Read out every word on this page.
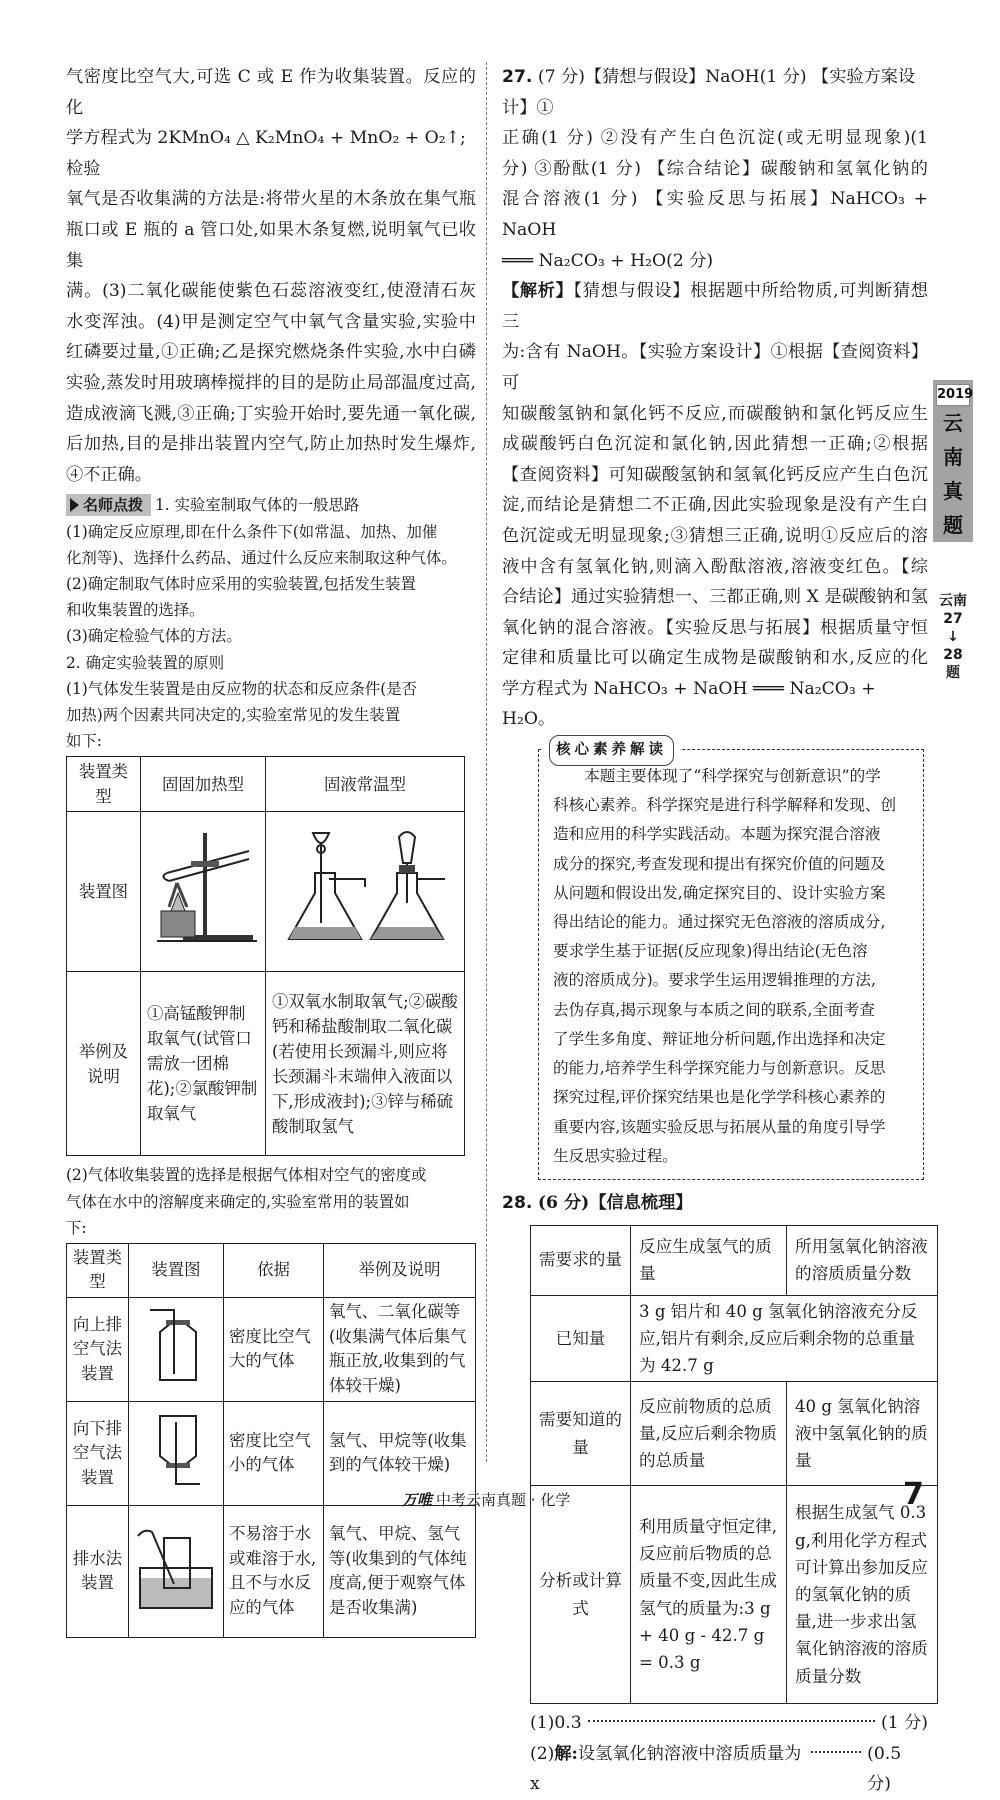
气密度比空气大,可选 C 或 E 作为收集装置。反应的化
学方程式为 2KMnO₄ △ K₂MnO₄ + MnO₂ + O₂↑;检验
氧气是否收集满的方法是:将带火星的木条放在集气瓶
瓶口或 E 瓶的 a 管口处,如果木条复燃,说明氧气已收集
满。(3)二氧化碳能使紫色石蕊溶液变红,使澄清石灰
水变浑浊。(4)甲是测定空气中氧气含量实验,实验中
红磷要过量,①正确;乙是探究燃烧条件实验,水中白磷
实验,蒸发时用玻璃棒搅拌的目的是防止局部温度过高,
造成液滴飞溅,③正确;丁实验开始时,要先通一氧化碳,
后加热,目的是排出装置内空气,防止加热时发生爆炸,
④不正确。
名师点拨 1. 实验室制取气体的一般思路
(1)确定反应原理,即在什么条件下(如常温、加热、加催
化剂等)、选择什么药品、通过什么反应来制取这种气体。
(2)确定制取气体时应采用的实验装置,包括发生装置
和收集装置的选择。
(3)确定检验气体的方法。
2. 确定实验装置的原则
(1)气体发生装置是由反应物的状态和反应条件(是否
加热)两个因素共同决定的,实验室常见的发生装置
如下:
装置类型	固固加热型	固液常温型
装置图		
举例及说明	①高锰酸钾制取氧气(试管口需放一团棉花);②氯酸钾制取氧气	①双氧水制取氧气;②碳酸钙和稀盐酸制取二氧化碳(若使用长颈漏斗,则应将长颈漏斗末端伸入液面以下,形成液封);③锌与稀硫酸制取氢气
(2)气体收集装置的选择是根据气体相对空气的密度或
气体在水中的溶解度来确定的,实验室常用的装置如
下:
装置类型	装置图	依据	举例及说明
向上排空气法装置		密度比空气大的气体	氧气、二氧化碳等(收集满气体后集气瓶正放,收集到的气体较干燥)
向下排空气法装置		密度比空气小的气体	氢气、甲烷等(收集到的气体较干燥)
排水法装置		不易溶于水或难溶于水,且不与水反应的气体	氧气、甲烷、氢气等(收集到的气体纯度高,便于观察气体是否收集满)
27. (7 分)【猜想与假设】NaOH(1 分) 【实验方案设计】①
正确(1 分) ②没有产生白色沉淀(或无明显现象)(1
分) ③酚酞(1 分) 【综合结论】碳酸钠和氢氧化钠的
混合溶液(1 分) 【实验反思与拓展】NaHCO₃ + NaOH
═══ Na₂CO₃ + H₂O(2 分)
【解析】【猜想与假设】根据题中所给物质,可判断猜想三
为:含有 NaOH。【实验方案设计】①根据【查阅资料】可
知碳酸氢钠和氯化钙不反应,而碳酸钠和氯化钙反应生
成碳酸钙白色沉淀和氯化钠,因此猜想一正确;②根据
【查阅资料】可知碳酸氢钠和氢氧化钙反应产生白色沉
淀,而结论是猜想二不正确,因此实验现象是没有产生白
色沉淀或无明显现象;③猜想三正确,说明①反应后的溶
液中含有氢氧化钠,则滴入酚酞溶液,溶液变红色。【综
合结论】通过实验猜想一、三都正确,则 X 是碳酸钠和氢
氧化钠的混合溶液。【实验反思与拓展】根据质量守恒
定律和质量比可以确定生成物是碳酸钠和水,反应的化
学方程式为 NaHCO₃ + NaOH ═══ Na₂CO₃ + H₂O。
核心素养解读
本题主要体现了“科学探究与创新意识”的学
科核心素养。科学探究是进行科学解释和发现、创
造和应用的科学实践活动。本题为探究混合溶液
成分的探究,考查发现和提出有探究价值的问题及
从问题和假设出发,确定探究目的、设计实验方案
得出结论的能力。通过探究无色溶液的溶质成分,
要求学生基于证据(反应现象)得出结论(无色溶
液的溶质成分)。要求学生运用逻辑推理的方法,
去伪存真,揭示现象与本质之间的联系,全面考查
了学生多角度、辩证地分析问题,作出选择和决定
的能力,培养学生科学探究能力与创新意识。反思
探究过程,评价探究结果也是化学学科核心素养的
重要内容,该题实验反思与拓展从量的角度引导学
生反思实验过程。
28. (6 分)【信息梳理】
需要求的量	反应生成氢气的质量	所用氢氧化钠溶液的溶质质量分数
已知量	3 g 铝片和 40 g 氢氧化钠溶液充分反应,铝片有剩余,反应后剩余物的总重量为 42.7 g	
需要知道的量	反应前物质的总质量,反应后剩余物质的总质量	40 g 氢氧化钠溶液中氢氧化钠的质量
分析或计算式	利用质量守恒定律,反应前后物质的总质量不变,因此生成氢气的质量为:3 g + 40 g - 42.7 g = 0.3 g	根据生成氢气 0.3 g,利用化学方程式可计算出参加反应的氢氧化钠的质量,进一步求出氢氧化钠溶液的溶质质量分数
(1)0.3	(1 分)
(2)解:设氢氧化钠溶液中溶质质量为 x
(0.5 分)
2019
云
南
真
题
云南
27
↓
28
题
万唯 中考云南真题 · 化学	7
